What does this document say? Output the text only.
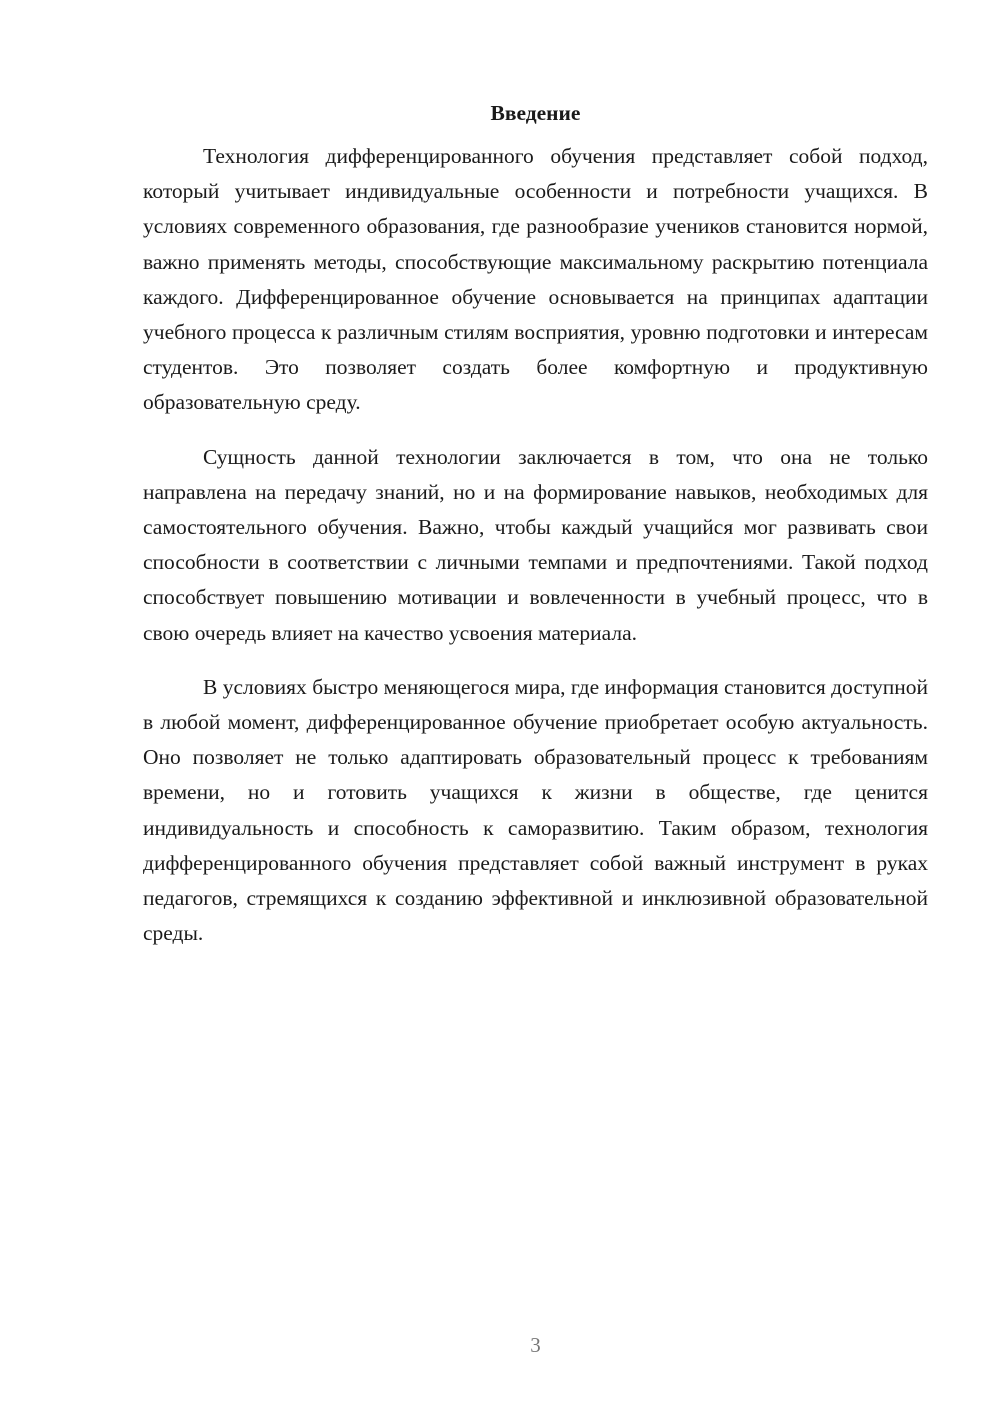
Введение

Технология дифференцированного обучения представляет собой подход, который учитывает индивидуальные особенности и потребности учащихся. В условиях современного образования, где разнообразие учеников становится нормой, важно применять методы, способствующие максимальному раскрытию потенциала каждого. Дифференцированное обучение основывается на принципах адаптации учебного процесса к различным стилям восприятия, уровню подготовки и интересам студентов. Это позволяет создать более комфортную и продуктивную образовательную среду.

Сущность данной технологии заключается в том, что она не только направлена на передачу знаний, но и на формирование навыков, необходимых для самостоятельного обучения. Важно, чтобы каждый учащийся мог развивать свои способности в соответствии с личными темпами и предпочтениями. Такой подход способствует повышению мотивации и вовлеченности в учебный процесс, что в свою очередь влияет на качество усвоения материала.

В условиях быстро меняющегося мира, где информация становится доступной в любой момент, дифференцированное обучение приобретает особую актуальность. Оно позволяет не только адаптировать образовательный процесс к требованиям времени, но и готовить учащихся к жизни в обществе, где ценится индивидуальность и способность к саморазвитию. Таким образом, технология дифференцированного обучения представляет собой важный инструмент в руках педагогов, стремящихся к созданию эффективной и инклюзивной образовательной среды.

3
